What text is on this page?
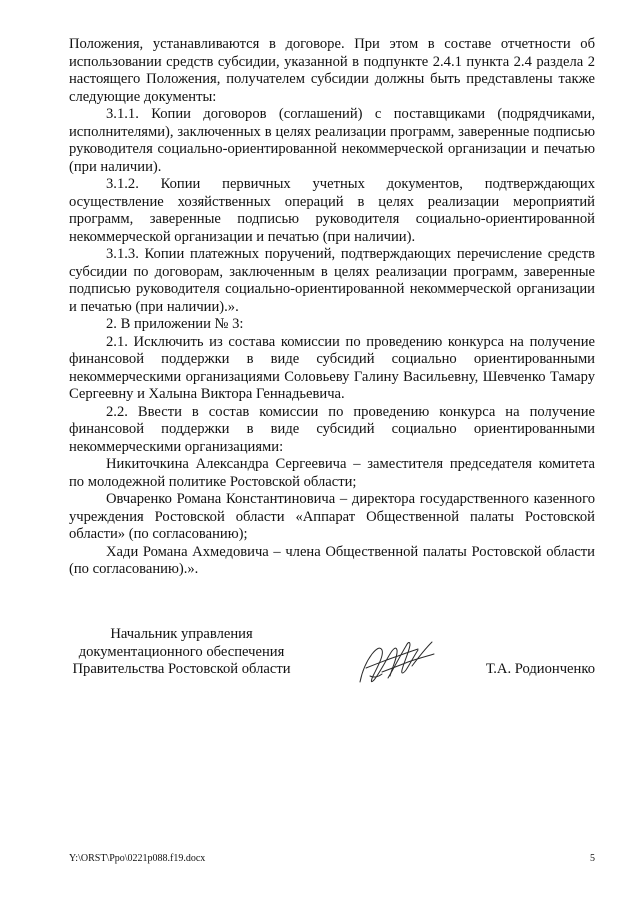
Положения, устанавливаются в договоре. При этом в составе отчетности об использовании средств субсидии, указанной в подпункте 2.4.1 пункта 2.4 раздела 2 настоящего Положения, получателем субсидии должны быть представлены также следующие документы:

3.1.1. Копии договоров (соглашений) с поставщиками (подрядчиками, исполнителями), заключенных в целях реализации программ, заверенные подписью руководителя социально-ориентированной некоммерческой организации и печатью (при наличии).

3.1.2. Копии первичных учетных документов, подтверждающих осуществление хозяйственных операций в целях реализации мероприятий программ, заверенные подписью руководителя социально-ориентированной некоммерческой организации и печатью (при наличии).

3.1.3. Копии платежных поручений, подтверждающих перечисление средств субсидии по договорам, заключенным в целях реализации программ, заверенные подписью руководителя социально-ориентированной некоммерческой организации и печатью (при наличии).».

2. В приложении № 3:

2.1. Исключить из состава комиссии по проведению конкурса на получение финансовой поддержки в виде субсидий социально ориентированными некоммерческими организациями Соловьеву Галину Васильевну, Шевченко Тамару Сергеевну и Халына Виктора Геннадьевича.

2.2. Ввести в состав комиссии по проведению конкурса на получение финансовой поддержки в виде субсидий социально ориентированными некоммерческими организациями:

Никиточкина Александра Сергеевича – заместителя председателя комитета по молодежной политике Ростовской области;

Овчаренко Романа Константиновича – директора государственного казенного учреждения Ростовской области «Аппарат Общественной палаты Ростовской области» (по согласованию);

Хади Романа Ахмедовича – члена Общественной палаты Ростовской области (по согласованию).».

Начальник управления
документационного обеспечения
Правительства Ростовской области	Т.А. Родионченко
Y:\ORST\Ppo\0221p088.f19.docx	5
